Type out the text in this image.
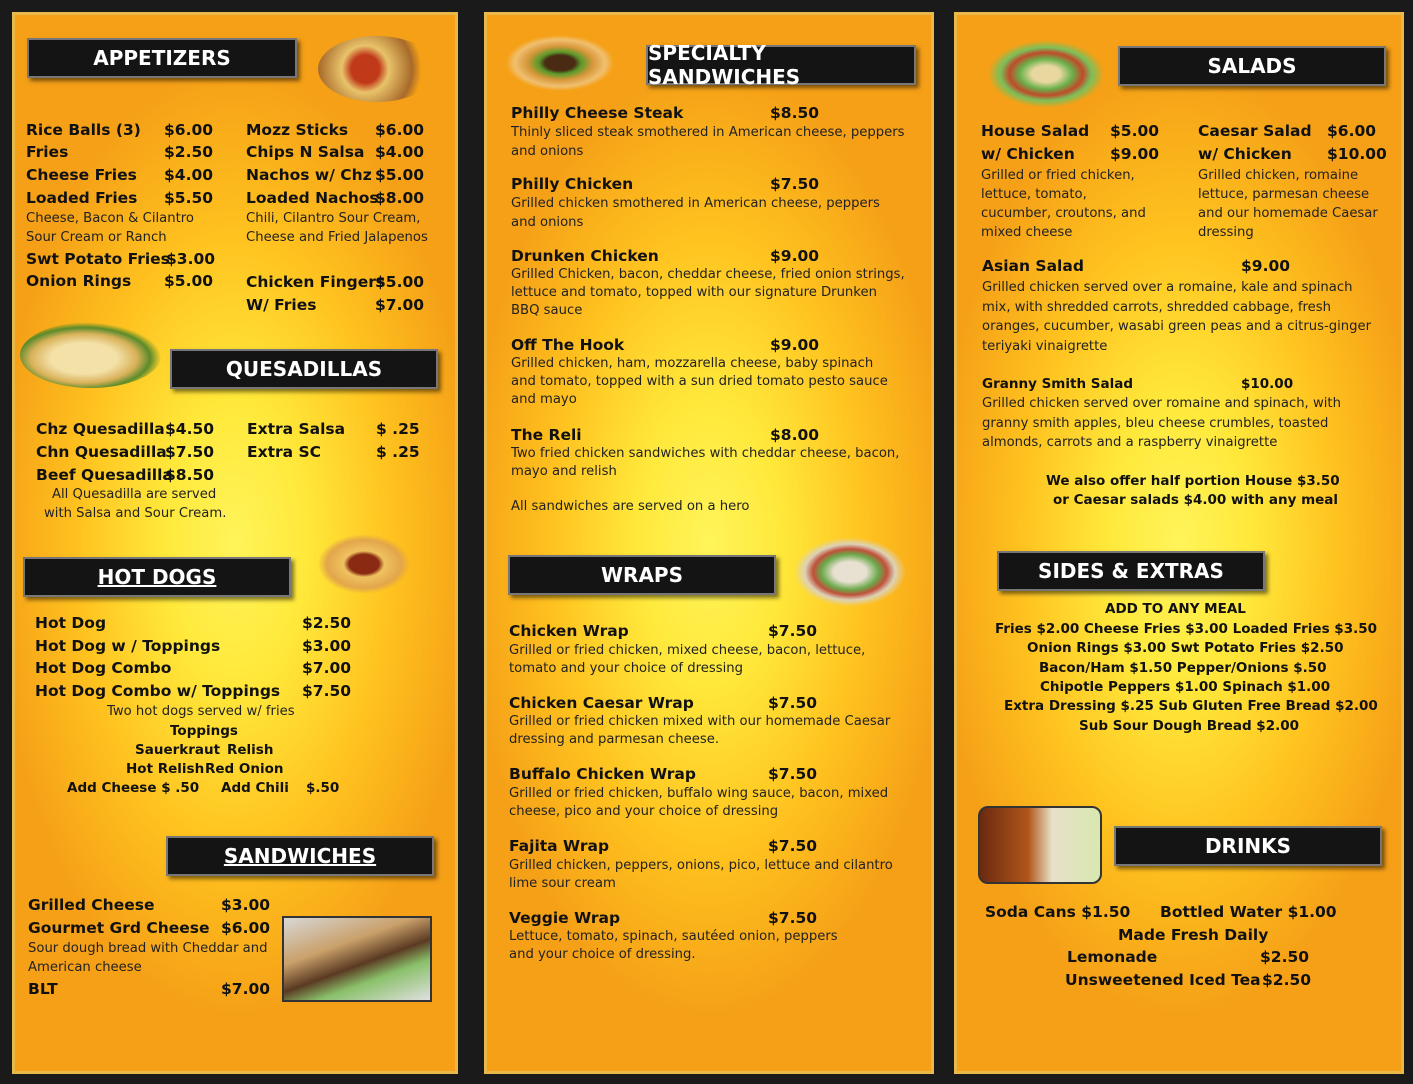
APPETIZERS
Rice Balls (3) $6.00
Fries	$2.50
Cheese Fries $4.00
Loaded Fries $5.50
Cheese, Bacon & Cilantro
Sour Cream or Ranch
Swt Potato Fries
$3.00
Onion Rings $5.00
Mozz Sticks $6.00
Chips N Salsa $4.00
Nachos w/ Chz $5.00
Loaded Nachos
$8.00
Chili, Cilantro Sour Cream,
Cheese and Fried Jalapenos
Chicken Fingers
$5.00
W/ Fries	$7.00
QUESADILLAS
Chz Quesadilla $4.50
Chn Quesadilla
$7.50
Beef Quesadilla
$8.50
Extra Salsa $ .25
Extra SC	$ .25
All Quesadilla are served
with Salsa and Sour Cream.
HOT DOGS
Hot Dog	$2.50
Hot Dog w / Toppings	$3.00
Hot Dog Combo	$7.00
Hot Dog Combo w/ Toppings $7.50
Two hot dogs served w/ fries
Toppings
Sauerkraut Relish
Hot Relish Red Onion
Add Cheese $ .50 Add Chili $.50
SANDWICHES
Grilled Cheese	$3.00
Gourmet Grd Cheese $6.00
Sour dough bread with Cheddar and
American cheese
BLT	$7.00
SPECIALTY SANDWICHES
Philly Cheese Steak	$8.50
Thinly sliced steak smothered in American cheese, peppers
and onions
Philly Chicken	$7.50
Grilled chicken smothered in American cheese, peppers
and onions
Drunken Chicken	$9.00
Grilled Chicken, bacon, cheddar cheese, fried onion strings,
lettuce and tomato, topped with our signature Drunken
BBQ sauce
Off The Hook	$9.00
Grilled chicken, ham, mozzarella cheese, baby spinach
and tomato, topped with a sun dried tomato pesto sauce
and mayo
The Reli	$8.00
Two fried chicken sandwiches with cheddar cheese, bacon,
mayo and relish
All sandwiches are served on a hero
WRAPS
Chicken Wrap	$7.50
Grilled or fried chicken, mixed cheese, bacon, lettuce,
tomato and your choice of dressing
Chicken Caesar Wrap	$7.50
Grilled or fried chicken mixed with our homemade Caesar
dressing and parmesan cheese.
Buffalo Chicken Wrap	$7.50
Grilled or fried chicken, buffalo wing sauce, bacon, mixed
cheese, pico and your choice of dressing
Fajita Wrap	$7.50
Grilled chicken, peppers, onions, pico, lettuce and cilantro
lime sour cream
Veggie Wrap	$7.50
Lettuce, tomato, spinach, sautéed onion, peppers
and your choice of dressing.
SALADS
House Salad $5.00
w/ Chicken $9.00
Grilled or fried chicken,
lettuce, tomato,
cucumber, croutons, and
mixed cheese
Caesar Salad $6.00
w/ Chicken $10.00
Grilled chicken, romaine
lettuce, parmesan cheese
and our homemade Caesar
dressing
Asian Salad	$9.00
Grilled chicken served over a romaine, kale and spinach
mix, with shredded carrots, shredded cabbage, fresh
oranges, cucumber, wasabi green peas and a citrus-ginger
teriyaki vinaigrette
Granny Smith Salad	$10.00
Grilled chicken served over romaine and spinach, with
granny smith apples, bleu cheese crumbles, toasted
almonds, carrots and a raspberry vinaigrette
We also offer half portion House $3.50
or Caesar salads $4.00 with any meal
SIDES & EXTRAS
ADD TO ANY MEAL
Fries $2.00 Cheese Fries $3.00 Loaded Fries $3.50
Onion Rings $3.00 Swt Potato Fries $2.50
Bacon/Ham $1.50 Pepper/Onions $.50
Chipotle Peppers $1.00 Spinach $1.00
Extra Dressing $.25 Sub Gluten Free Bread $2.00
Sub Sour Dough Bread $2.00
DRINKS
Soda Cans $1.50 Bottled Water $1.00
Made Fresh Daily
Lemonade	$2.50
Unsweetened Iced Tea $2.50
